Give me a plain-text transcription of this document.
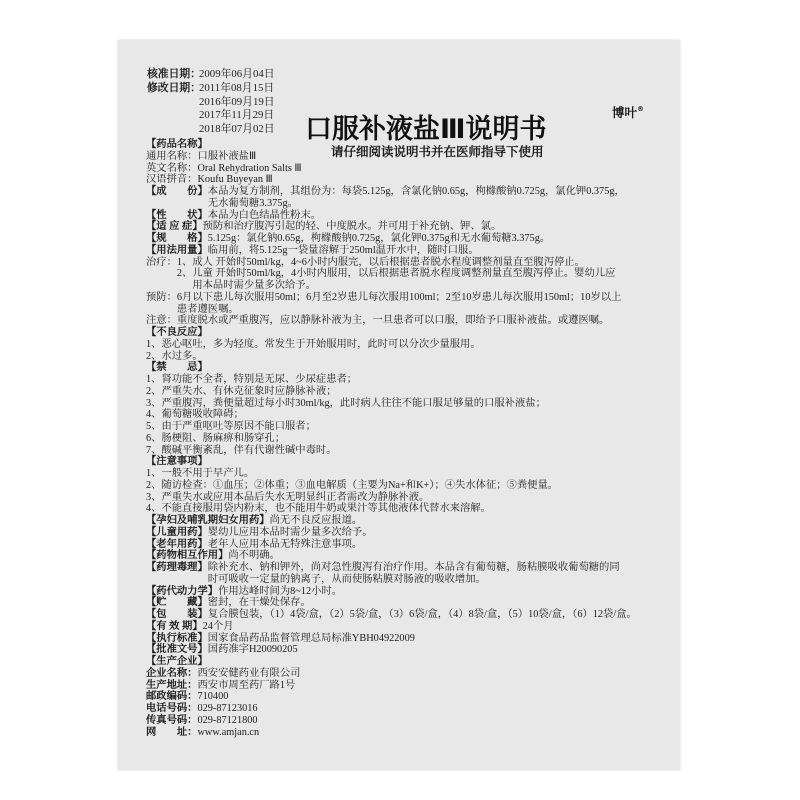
核准日期：2009年06月04日
修改日期：2011年08月15日
2016年09月19日
2017年11月29日
2018年07月02日
博叶®
口服补液盐Ⅲ说明书
请仔细阅读说明书并在医师指导下使用
【药品名称】
通用名称：口服补液盐Ⅲ
英文名称：Oral Rehydration Salts Ⅲ
汉语拼音：Koufu Buyeyan Ⅲ
【成　　份】本品为复方制剂，其组份为：每袋5.125g，含氯化钠0.65g，枸橼酸钠0.725g，氯化钾0.375g，
无水葡萄糖3.375g。
【性　　状】本品为白色结晶性粉末。
【适 应 症】预防和治疗腹泻引起的轻、中度脱水。并可用于补充钠、钾、氯。
【规　　格】5.125g：氯化钠0.65g，枸橼酸钠0.725g，氯化钾0.375g和无水葡萄糖3.375g。
【用法用量】临用前，将5.125g一袋量溶解于250ml温开水中，随时口服。
治疗：1、成人 开始时50ml/kg，4~6小时内服完，以后根据患者脱水程度调整剂量直至腹泻停止。
2、儿童 开始时50ml/kg，4小时内服用，以后根据患者脱水程度调整剂量直至腹泻停止。婴幼儿应
用本品时需少量多次给予。
预防：6月以下患儿每次服用50ml；6月至2岁患儿每次服用100ml；2至10岁患儿每次服用150ml；10岁以上
患者遵医嘱。
注意：重度脱水或严重腹泻，应以静脉补液为主，一旦患者可以口服，即给予口服补液盐。或遵医嘱。
【不良反应】
1、恶心呕吐，多为轻度。常发生于开始服用时，此时可以分次少量服用。
2、水过多。
【禁　　忌】
1、肾功能不全者，特别是无尿、少尿症患者；
2、严重失水、有休克征象时应静脉补液；
3、严重腹泻，粪便量超过每小时30ml/kg，此时病人往往不能口服足够量的口服补液盐；
4、葡萄糖吸收障碍；
5、由于严重呕吐等原因不能口服者；
6、肠梗阻、肠麻痹和肠穿孔；
7、酸碱平衡紊乱，伴有代谢性碱中毒时。
【注意事项】
1、一般不用于早产儿。
2、随访检查：①血压；②体重；③血电解质（主要为Na+和K+）；④失水体征；⑤粪便量。
3、严重失水或应用本品后失水无明显纠正者需改为静脉补液。
4、不能直接服用袋内粉末，也不能用牛奶或果汁等其他液体代替水来溶解。
【孕妇及哺乳期妇女用药】尚无不良反应报道。
【儿童用药】婴幼儿应用本品时需少量多次给予。
【老年用药】老年人应用本品无特殊注意事项。
【药物相互作用】尚不明确。
【药理毒理】除补充水、钠和钾外，尚对急性腹泻有治疗作用。本品含有葡萄糖，肠粘膜吸收葡萄糖的同
时可吸收一定量的钠离子，从而使肠粘膜对肠液的吸收增加。
【药代动力学】作用达峰时间为8~12小时。
【贮　　藏】密封，在干燥处保存。
【包　　装】复合膜包装，（1）4袋/盒，（2）5袋/盒，（3）6袋/盒，（4）8袋/盒，（5）10袋/盒，（6）12袋/盒。
【有 效 期】24个月
【执行标准】国家食品药品监督管理总局标准YBH04922009
【批准文号】国药准字H20090205
【生产企业】
企业名称：西安安健药业有限公司
生产地址：西安市周至药厂路1号
邮政编码：710400
电话号码：029-87123016
传真号码：029-87121800
网　　址：www.amjan.cn
